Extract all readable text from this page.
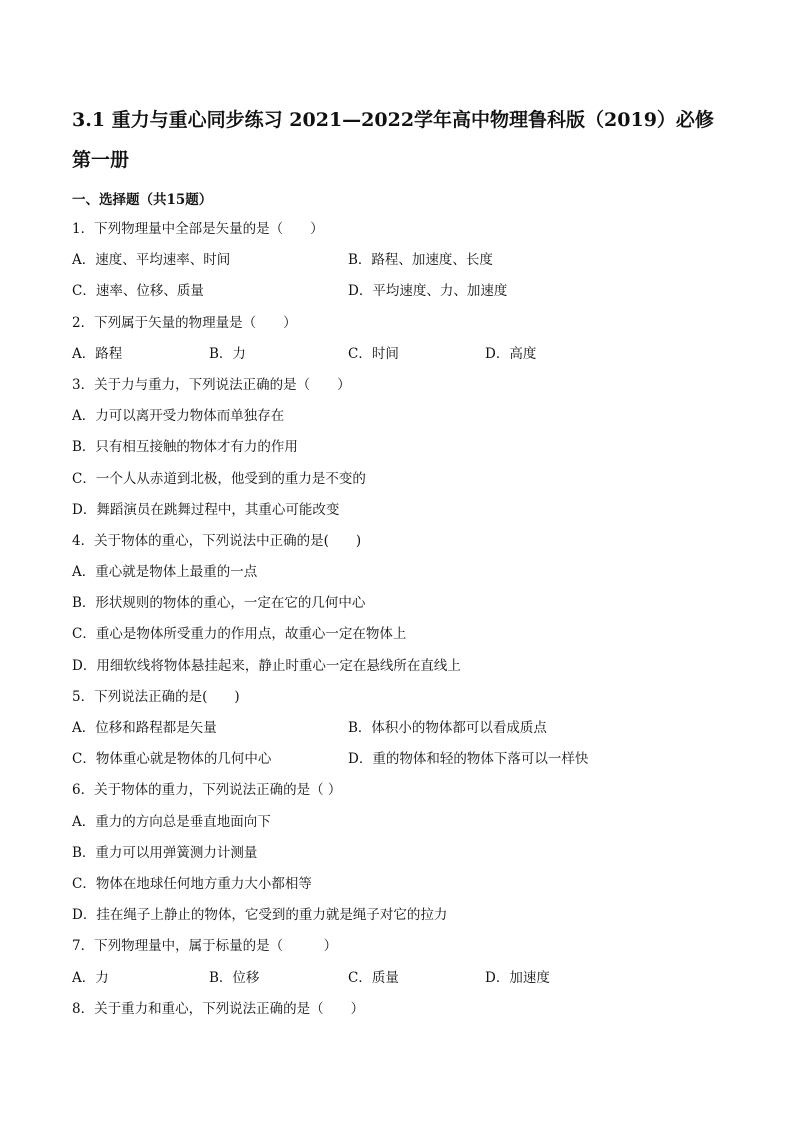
3.1 重力与重心同步练习 2021—2022学年高中物理鲁科版（2019）必修第一册
一、选择题（共15题）
1．下列物理量中全部是矢量的是（　　）
A．速度、平均速率、时间	B．路程、加速度、长度
C．速率、位移、质量	D．平均速度、力、加速度
2．下列属于矢量的物理量是（　　）
A．路程	B．力	C．时间	D．高度
3．关于力与重力，下列说法正确的是（　　）
A．力可以离开受力物体而单独存在
B．只有相互接触的物体才有力的作用
C．一个人从赤道到北极，他受到的重力是不变的
D．舞蹈演员在跳舞过程中，其重心可能改变
4．关于物体的重心，下列说法中正确的是(　　)
A．重心就是物体上最重的一点
B．形状规则的物体的重心，一定在它的几何中心
C．重心是物体所受重力的作用点，故重心一定在物体上
D．用细软线将物体悬挂起来，静止时重心一定在悬线所在直线上
5．下列说法正确的是(　　)
A．位移和路程都是矢量	B．体积小的物体都可以看成质点
C．物体重心就是物体的几何中心	D．重的物体和轻的物体下落可以一样快
6．关于物体的重力，下列说法正确的是（ ）
A．重力的方向总是垂直地面向下
B．重力可以用弹簧测力计测量
C．物体在地球任何地方重力大小都相等
D．挂在绳子上静止的物体，它受到的重力就是绳子对它的拉力
7．下列物理量中，属于标量的是（　　　）
A．力	B．位移	C．质量	D．加速度
8．关于重力和重心，下列说法正确的是（　　）
